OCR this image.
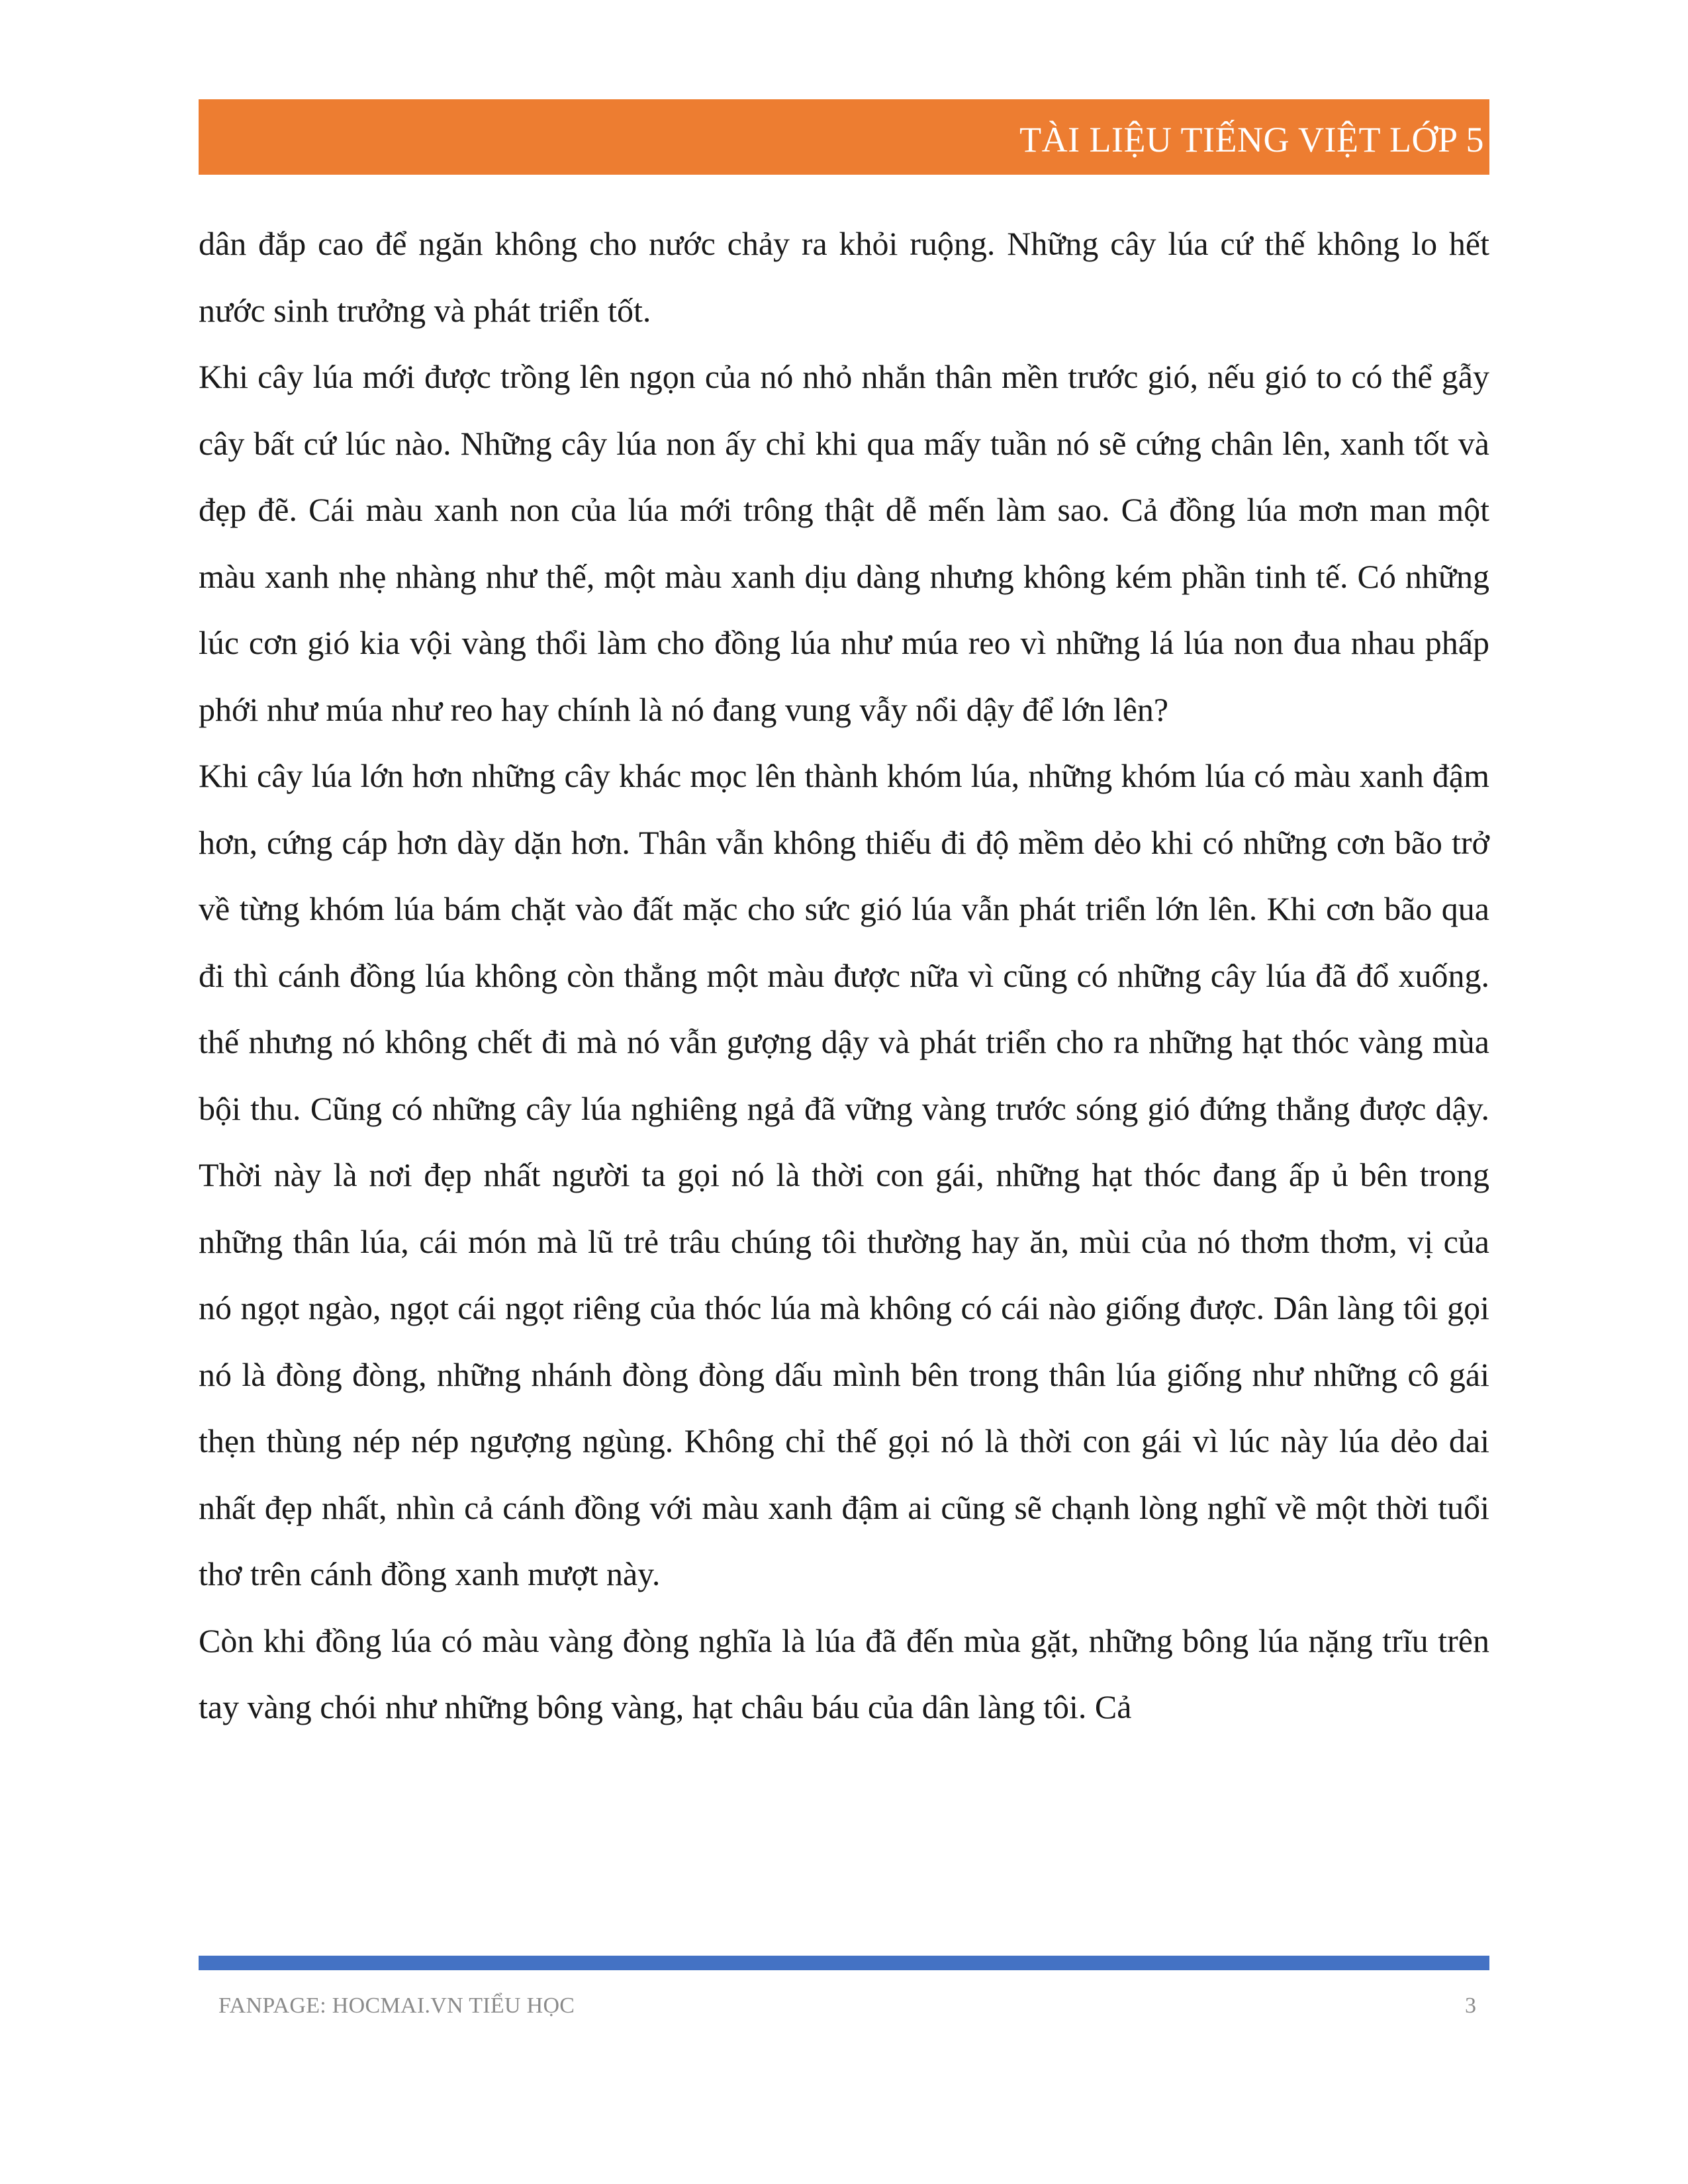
TÀI LIỆU TIẾNG VIỆT LỚP 5

dân đắp cao để ngăn không cho nước chảy ra khỏi ruộng. Những cây lúa cứ thế không lo hết nước sinh trưởng và phát triển tốt.

Khi cây lúa mới được trồng lên ngọn của nó nhỏ nhắn thân mền trước gió, nếu gió to có thể gẫy cây bất cứ lúc nào. Những cây lúa non ấy chỉ khi qua mấy tuần nó sẽ cứng chân lên, xanh tốt và đẹp đẽ. Cái màu xanh non của lúa mới trông thật dễ mến làm sao. Cả đồng lúa mơn man một màu xanh nhẹ nhàng như thế, một màu xanh dịu dàng nhưng không kém phần tinh tế. Có những lúc cơn gió kia vội vàng thổi làm cho đồng lúa như múa reo vì những lá lúa non đua nhau phấp phới như múa như reo hay chính là nó đang vung vẫy nổi dậy để lớn lên?

Khi cây lúa lớn hơn những cây khác mọc lên thành khóm lúa, những khóm lúa có màu xanh đậm hơn, cứng cáp hơn dày dặn hơn. Thân vẫn không thiếu đi độ mềm dẻo khi có những cơn bão trở về từng khóm lúa bám chặt vào đất mặc cho sức gió lúa vẫn phát triển lớn lên. Khi cơn bão qua đi thì cánh đồng lúa không còn thẳng một màu được nữa vì cũng có những cây lúa đã đổ xuống. thế nhưng nó không chết đi mà nó vẫn gượng dậy và phát triển cho ra những hạt thóc vàng mùa bội thu. Cũng có những cây lúa nghiêng ngả đã vững vàng trước sóng gió đứng thẳng được dậy. Thời này là nơi đẹp nhất người ta gọi nó là thời con gái, những hạt thóc đang ấp ủ bên trong những thân lúa, cái món mà lũ trẻ trâu chúng tôi thường hay ăn, mùi của nó thơm thơm, vị của nó ngọt ngào, ngọt cái ngọt riêng của thóc lúa mà không có cái nào giống được. Dân làng tôi gọi nó là đòng đòng, những nhánh đòng đòng dấu mình bên trong thân lúa giống như những cô gái thẹn thùng nép nép ngượng ngùng. Không chỉ thế gọi nó là thời con gái vì lúc này lúa dẻo dai nhất đẹp nhất, nhìn cả cánh đồng với màu xanh đậm ai cũng sẽ chạnh lòng nghĩ về một thời tuổi thơ trên cánh đồng xanh mượt này.

Còn khi đồng lúa có màu vàng đòng nghĩa là lúa đã đến mùa gặt, những bông lúa nặng trĩu trên tay vàng chói như những bông vàng, hạt châu báu của dân làng tôi. Cả

FANPAGE: HOCMAI.VN TIỂU HỌC	3
